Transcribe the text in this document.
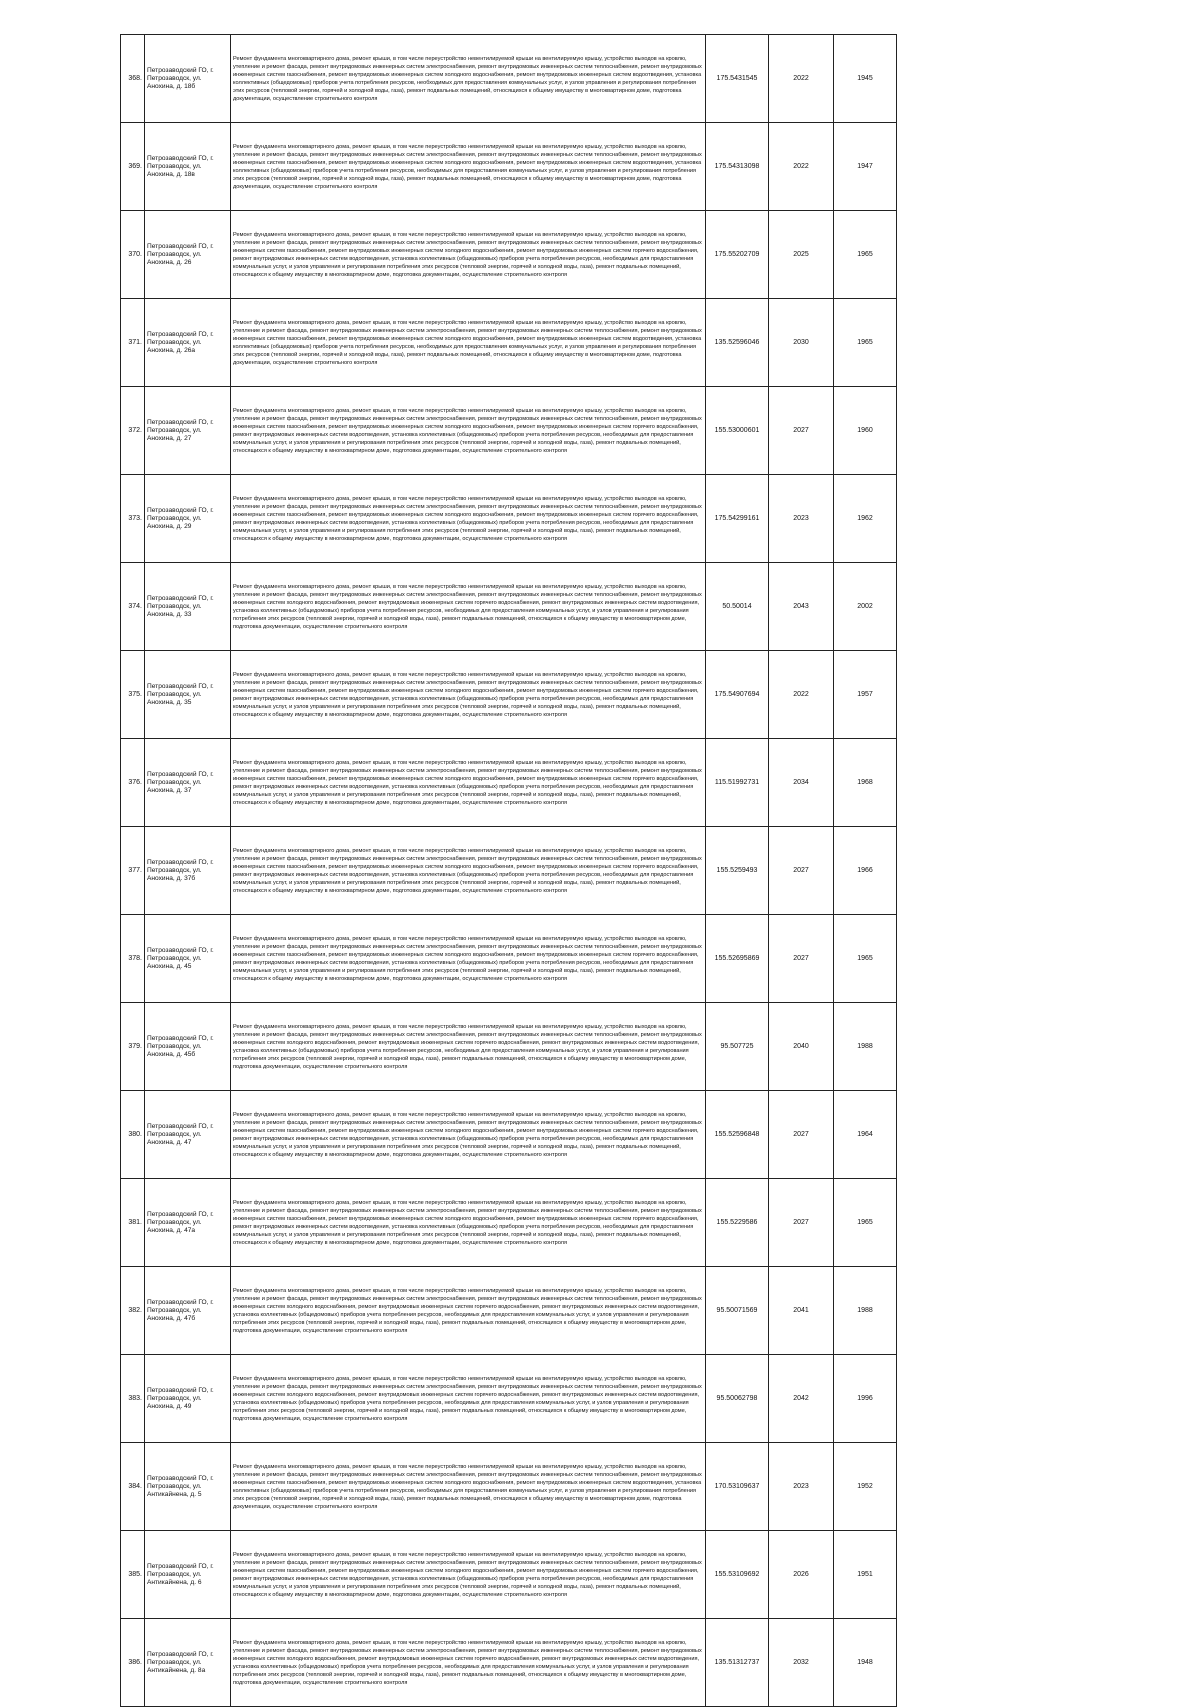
368.	Петрозаводский ГО, г. Петрозаводск, ул. Анохина, д. 18б	Ремонт фундамента многоквартирного дома, ремонт крыши, в том числе переустройство невентилируемой крыши на вентилируемую крышу, устройство выходов на кровлю, утепление и ремонт фасада, ремонт внутридомовых инженерных систем электроснабжения, ремонт внутридомовых инженерных систем теплоснабжения, ремонт внутридомовых инженерных систем газоснабжения, ремонт внутридомовых инженерных систем холодного водоснабжения, ремонт внутридомовых инженерных систем водоотведения, установка коллективных (общедомовых) приборов учета потребления ресурсов, необходимых для предоставления коммунальных услуг, и узлов управления и регулирования потребления этих ресурсов (тепловой энергии, горячей и холодной воды, газа), ремонт подвальных помещений, относящихся к общему имуществу в многоквартирном доме, подготовка документации, осуществление строительного контроля	175.5431545	2022	1945
369.	Петрозаводский ГО, г. Петрозаводск, ул. Анохина, д. 18в	Ремонт фундамента многоквартирного дома, ремонт крыши, в том числе переустройство невентилируемой крыши на вентилируемую крышу, устройство выходов на кровлю, утепление и ремонт фасада, ремонт внутридомовых инженерных систем электроснабжения, ремонт внутридомовых инженерных систем теплоснабжения, ремонт внутридомовых инженерных систем газоснабжения, ремонт внутридомовых инженерных систем холодного водоснабжения, ремонт внутридомовых инженерных систем водоотведения, установка коллективных (общедомовых) приборов учета потребления ресурсов, необходимых для предоставления коммунальных услуг, и узлов управления и регулирования потребления этих ресурсов (тепловой энергии, горячей и холодной воды, газа), ремонт подвальных помещений, относящихся к общему имуществу в многоквартирном доме, подготовка документации, осуществление строительного контроля	175.54313098	2022	1947
370.	Петрозаводский ГО, г. Петрозаводск, ул. Анохина, д. 26	Ремонт фундамента многоквартирного дома, ремонт крыши, в том числе переустройство невентилируемой крыши на вентилируемую крышу, устройство выходов на кровлю, утепление и ремонт фасада, ремонт внутридомовых инженерных систем электроснабжения, ремонт внутридомовых инженерных систем теплоснабжения, ремонт внутридомовых инженерных систем газоснабжения, ремонт внутридомовых инженерных систем холодного водоснабжения, ремонт внутридомовых инженерных систем горячего водоснабжения, ремонт внутридомовых инженерных систем водоотведения, установка коллективных (общедомовых) приборов учета потребления ресурсов, необходимых для предоставления коммунальных услуг, и узлов управления и регулирования потребления этих ресурсов (тепловой энергии, горячей и холодной воды, газа), ремонт подвальных помещений, относящихся к общему имуществу в многоквартирном доме, подготовка документации, осуществление строительного контроля	175.55202709	2025	1965
371.	Петрозаводский ГО, г. Петрозаводск, ул. Анохина, д. 26а	Ремонт фундамента многоквартирного дома, ремонт крыши, в том числе переустройство невентилируемой крыши на вентилируемую крышу, устройство выходов на кровлю, утепление и ремонт фасада, ремонт внутридомовых инженерных систем электроснабжения, ремонт внутридомовых инженерных систем теплоснабжения, ремонт внутридомовых инженерных систем газоснабжения, ремонт внутридомовых инженерных систем холодного водоснабжения, ремонт внутридомовых инженерных систем водоотведения, установка коллективных (общедомовых) приборов учета потребления ресурсов, необходимых для предоставления коммунальных услуг, и узлов управления и регулирования потребления этих ресурсов (тепловой энергии, горячей и холодной воды, газа), ремонт подвальных помещений, относящихся к общему имуществу в многоквартирном доме, подготовка документации, осуществление строительного контроля	135.52596046	2030	1965
372.	Петрозаводский ГО, г. Петрозаводск, ул. Анохина, д. 27	Ремонт фундамента многоквартирного дома, ремонт крыши, в том числе переустройство невентилируемой крыши на вентилируемую крышу, устройство выходов на кровлю, утепление и ремонт фасада, ремонт внутридомовых инженерных систем электроснабжения, ремонт внутридомовых инженерных систем теплоснабжения, ремонт внутридомовых инженерных систем газоснабжения, ремонт внутридомовых инженерных систем холодного водоснабжения, ремонт внутридомовых инженерных систем горячего водоснабжения, ремонт внутридомовых инженерных систем водоотведения, установка коллективных (общедомовых) приборов учета потребления ресурсов, необходимых для предоставления коммунальных услуг, и узлов управления и регулирования потребления этих ресурсов (тепловой энергии, горячей и холодной воды, газа), ремонт подвальных помещений, относящихся к общему имуществу в многоквартирном доме, подготовка документации, осуществление строительного контроля	155.53000601	2027	1960
373.	Петрозаводский ГО, г. Петрозаводск, ул. Анохина, д. 29	Ремонт фундамента многоквартирного дома, ремонт крыши, в том числе переустройство невентилируемой крыши на вентилируемую крышу, устройство выходов на кровлю, утепление и ремонт фасада, ремонт внутридомовых инженерных систем электроснабжения, ремонт внутридомовых инженерных систем теплоснабжения, ремонт внутридомовых инженерных систем газоснабжения, ремонт внутридомовых инженерных систем холодного водоснабжения, ремонт внутридомовых инженерных систем горячего водоснабжения, ремонт внутридомовых инженерных систем водоотведения, установка коллективных (общедомовых) приборов учета потребления ресурсов, необходимых для предоставления коммунальных услуг, и узлов управления и регулирования потребления этих ресурсов (тепловой энергии, горячей и холодной воды, газа), ремонт подвальных помещений, относящихся к общему имуществу в многоквартирном доме, подготовка документации, осуществление строительного контроля	175.54299161	2023	1962
374.	Петрозаводский ГО, г. Петрозаводск, ул. Анохина, д. 33	Ремонт фундамента многоквартирного дома, ремонт крыши, в том числе переустройство невентилируемой крыши на вентилируемую крышу, устройство выходов на кровлю, утепление и ремонт фасада, ремонт внутридомовых инженерных систем электроснабжения, ремонт внутридомовых инженерных систем теплоснабжения, ремонт внутридомовых инженерных систем холодного водоснабжения, ремонт внутридомовых инженерных систем горячего водоснабжения, ремонт внутридомовых инженерных систем водоотведения, установка коллективных (общедомовых) приборов учета потребления ресурсов, необходимых для предоставления коммунальных услуг, и узлов управления и регулирования потребления этих ресурсов (тепловой энергии, горячей и холодной воды, газа), ремонт подвальных помещений, относящихся к общему имуществу в многоквартирном доме, подготовка документации, осуществление строительного контроля	50.50014	2043	2002
375.	Петрозаводский ГО, г. Петрозаводск, ул. Анохина, д. 35	Ремонт фундамента многоквартирного дома, ремонт крыши, в том числе переустройство невентилируемой крыши на вентилируемую крышу, устройство выходов на кровлю, утепление и ремонт фасада, ремонт внутридомовых инженерных систем электроснабжения, ремонт внутридомовых инженерных систем теплоснабжения, ремонт внутридомовых инженерных систем газоснабжения, ремонт внутридомовых инженерных систем холодного водоснабжения, ремонт внутридомовых инженерных систем горячего водоснабжения, ремонт внутридомовых инженерных систем водоотведения, установка коллективных (общедомовых) приборов учета потребления ресурсов, необходимых для предоставления коммунальных услуг, и узлов управления и регулирования потребления этих ресурсов (тепловой энергии, горячей и холодной воды, газа), ремонт подвальных помещений, относящихся к общему имуществу в многоквартирном доме, подготовка документации, осуществление строительного контроля	175.54907694	2022	1957
376.	Петрозаводский ГО, г. Петрозаводск, ул. Анохина, д. 37	Ремонт фундамента многоквартирного дома, ремонт крыши, в том числе переустройство невентилируемой крыши на вентилируемую крышу, устройство выходов на кровлю, утепление и ремонт фасада, ремонт внутридомовых инженерных систем электроснабжения, ремонт внутридомовых инженерных систем теплоснабжения, ремонт внутридомовых инженерных систем газоснабжения, ремонт внутридомовых инженерных систем холодного водоснабжения, ремонт внутридомовых инженерных систем горячего водоснабжения, ремонт внутридомовых инженерных систем водоотведения, установка коллективных (общедомовых) приборов учета потребления ресурсов, необходимых для предоставления коммунальных услуг, и узлов управления и регулирования потребления этих ресурсов (тепловой энергии, горячей и холодной воды, газа), ремонт подвальных помещений, относящихся к общему имуществу в многоквартирном доме, подготовка документации, осуществление строительного контроля	115.51992731	2034	1968
377.	Петрозаводский ГО, г. Петрозаводск, ул. Анохина, д. 37б	Ремонт фундамента многоквартирного дома, ремонт крыши, в том числе переустройство невентилируемой крыши на вентилируемую крышу, устройство выходов на кровлю, утепление и ремонт фасада, ремонт внутридомовых инженерных систем электроснабжения, ремонт внутридомовых инженерных систем теплоснабжения, ремонт внутридомовых инженерных систем газоснабжения, ремонт внутридомовых инженерных систем холодного водоснабжения, ремонт внутридомовых инженерных систем горячего водоснабжения, ремонт внутридомовых инженерных систем водоотведения, установка коллективных (общедомовых) приборов учета потребления ресурсов, необходимых для предоставления коммунальных услуг, и узлов управления и регулирования потребления этих ресурсов (тепловой энергии, горячей и холодной воды, газа), ремонт подвальных помещений, относящихся к общему имуществу в многоквартирном доме, подготовка документации, осуществление строительного контроля	155.5259493	2027	1966
378.	Петрозаводский ГО, г. Петрозаводск, ул. Анохина, д. 45	Ремонт фундамента многоквартирного дома, ремонт крыши, в том числе переустройство невентилируемой крыши на вентилируемую крышу, устройство выходов на кровлю, утепление и ремонт фасада, ремонт внутридомовых инженерных систем электроснабжения, ремонт внутридомовых инженерных систем теплоснабжения, ремонт внутридомовых инженерных систем газоснабжения, ремонт внутридомовых инженерных систем холодного водоснабжения, ремонт внутридомовых инженерных систем горячего водоснабжения, ремонт внутридомовых инженерных систем водоотведения, установка коллективных (общедомовых) приборов учета потребления ресурсов, необходимых для предоставления коммунальных услуг, и узлов управления и регулирования потребления этих ресурсов (тепловой энергии, горячей и холодной воды, газа), ремонт подвальных помещений, относящихся к общему имуществу в многоквартирном доме, подготовка документации, осуществление строительного контроля	155.52695869	2027	1965
379.	Петрозаводский ГО, г. Петрозаводск, ул. Анохина, д. 45б	Ремонт фундамента многоквартирного дома, ремонт крыши, в том числе переустройство невентилируемой крыши на вентилируемую крышу, устройство выходов на кровлю, утепление и ремонт фасада, ремонт внутридомовых инженерных систем электроснабжения, ремонт внутридомовых инженерных систем теплоснабжения, ремонт внутридомовых инженерных систем холодного водоснабжения, ремонт внутридомовых инженерных систем горячего водоснабжения, ремонт внутридомовых инженерных систем водоотведения, установка коллективных (общедомовых) приборов учета потребления ресурсов, необходимых для предоставления коммунальных услуг, и узлов управления и регулирования потребления этих ресурсов (тепловой энергии, горячей и холодной воды, газа), ремонт подвальных помещений, относящихся к общему имуществу в многоквартирном доме, подготовка документации, осуществление строительного контроля	95.507725	2040	1988
380.	Петрозаводский ГО, г. Петрозаводск, ул. Анохина, д. 47	Ремонт фундамента многоквартирного дома, ремонт крыши, в том числе переустройство невентилируемой крыши на вентилируемую крышу, устройство выходов на кровлю, утепление и ремонт фасада, ремонт внутридомовых инженерных систем электроснабжения, ремонт внутридомовых инженерных систем теплоснабжения, ремонт внутридомовых инженерных систем газоснабжения, ремонт внутридомовых инженерных систем холодного водоснабжения, ремонт внутридомовых инженерных систем горячего водоснабжения, ремонт внутридомовых инженерных систем водоотведения, установка коллективных (общедомовых) приборов учета потребления ресурсов, необходимых для предоставления коммунальных услуг, и узлов управления и регулирования потребления этих ресурсов (тепловой энергии, горячей и холодной воды, газа), ремонт подвальных помещений, относящихся к общему имуществу в многоквартирном доме, подготовка документации, осуществление строительного контроля	155.52596848	2027	1964
381.	Петрозаводский ГО, г. Петрозаводск, ул. Анохина, д. 47а	Ремонт фундамента многоквартирного дома, ремонт крыши, в том числе переустройство невентилируемой крыши на вентилируемую крышу, устройство выходов на кровлю, утепление и ремонт фасада, ремонт внутридомовых инженерных систем электроснабжения, ремонт внутридомовых инженерных систем теплоснабжения, ремонт внутридомовых инженерных систем газоснабжения, ремонт внутридомовых инженерных систем холодного водоснабжения, ремонт внутридомовых инженерных систем горячего водоснабжения, ремонт внутридомовых инженерных систем водоотведения, установка коллективных (общедомовых) приборов учета потребления ресурсов, необходимых для предоставления коммунальных услуг, и узлов управления и регулирования потребления этих ресурсов (тепловой энергии, горячей и холодной воды, газа), ремонт подвальных помещений, относящихся к общему имуществу в многоквартирном доме, подготовка документации, осуществление строительного контроля	155.5229586	2027	1965
382.	Петрозаводский ГО, г. Петрозаводск, ул. Анохина, д. 47б	Ремонт фундамента многоквартирного дома, ремонт крыши, в том числе переустройство невентилируемой крыши на вентилируемую крышу, устройство выходов на кровлю, утепление и ремонт фасада, ремонт внутридомовых инженерных систем электроснабжения, ремонт внутридомовых инженерных систем теплоснабжения, ремонт внутридомовых инженерных систем холодного водоснабжения, ремонт внутридомовых инженерных систем горячего водоснабжения, ремонт внутридомовых инженерных систем водоотведения, установка коллективных (общедомовых) приборов учета потребления ресурсов, необходимых для предоставления коммунальных услуг, и узлов управления и регулирования потребления этих ресурсов (тепловой энергии, горячей и холодной воды, газа), ремонт подвальных помещений, относящихся к общему имуществу в многоквартирном доме, подготовка документации, осуществление строительного контроля	95.50071569	2041	1988
383.	Петрозаводский ГО, г. Петрозаводск, ул. Анохина, д. 49	Ремонт фундамента многоквартирного дома, ремонт крыши, в том числе переустройство невентилируемой крыши на вентилируемую крышу, устройство выходов на кровлю, утепление и ремонт фасада, ремонт внутридомовых инженерных систем электроснабжения, ремонт внутридомовых инженерных систем теплоснабжения, ремонт внутридомовых инженерных систем холодного водоснабжения, ремонт внутридомовых инженерных систем горячего водоснабжения, ремонт внутридомовых инженерных систем водоотведения, установка коллективных (общедомовых) приборов учета потребления ресурсов, необходимых для предоставления коммунальных услуг, и узлов управления и регулирования потребления этих ресурсов (тепловой энергии, горячей и холодной воды, газа), ремонт подвальных помещений, относящихся к общему имуществу в многоквартирном доме, подготовка документации, осуществление строительного контроля	95.50062798	2042	1996
384.	Петрозаводский ГО, г. Петрозаводск, ул. Антикайнена, д. 5	Ремонт фундамента многоквартирного дома, ремонт крыши, в том числе переустройство невентилируемой крыши на вентилируемую крышу, устройство выходов на кровлю, утепление и ремонт фасада, ремонт внутридомовых инженерных систем электроснабжения, ремонт внутридомовых инженерных систем теплоснабжения, ремонт внутридомовых инженерных систем газоснабжения, ремонт внутридомовых инженерных систем холодного водоснабжения, ремонт внутридомовых инженерных систем водоотведения, установка коллективных (общедомовых) приборов учета потребления ресурсов, необходимых для предоставления коммунальных услуг, и узлов управления и регулирования потребления этих ресурсов (тепловой энергии, горячей и холодной воды, газа), ремонт подвальных помещений, относящихся к общему имуществу в многоквартирном доме, подготовка документации, осуществление строительного контроля	170.53109637	2023	1952
385.	Петрозаводский ГО, г. Петрозаводск, ул. Антикайнена, д. 6	Ремонт фундамента многоквартирного дома, ремонт крыши, в том числе переустройство невентилируемой крыши на вентилируемую крышу, устройство выходов на кровлю, утепление и ремонт фасада, ремонт внутридомовых инженерных систем электроснабжения, ремонт внутридомовых инженерных систем теплоснабжения, ремонт внутридомовых инженерных систем газоснабжения, ремонт внутридомовых инженерных систем холодного водоснабжения, ремонт внутридомовых инженерных систем горячего водоснабжения, ремонт внутридомовых инженерных систем водоотведения, установка коллективных (общедомовых) приборов учета потребления ресурсов, необходимых для предоставления коммунальных услуг, и узлов управления и регулирования потребления этих ресурсов (тепловой энергии, горячей и холодной воды, газа), ремонт подвальных помещений, относящихся к общему имуществу в многоквартирном доме, подготовка документации, осуществление строительного контроля	155.53109692	2026	1951
386.	Петрозаводский ГО, г. Петрозаводск, ул. Антикайнена, д. 8а	Ремонт фундамента многоквартирного дома, ремонт крыши, в том числе переустройство невентилируемой крыши на вентилируемую крышу, устройство выходов на кровлю, утепление и ремонт фасада, ремонт внутридомовых инженерных систем электроснабжения, ремонт внутридомовых инженерных систем теплоснабжения, ремонт внутридомовых инженерных систем холодного водоснабжения, ремонт внутридомовых инженерных систем горячего водоснабжения, ремонт внутридомовых инженерных систем водоотведения, установка коллективных (общедомовых) приборов учета потребления ресурсов, необходимых для предоставления коммунальных услуг, и узлов управления и регулирования потребления этих ресурсов (тепловой энергии, горячей и холодной воды, газа), ремонт подвальных помещений, относящихся к общему имуществу в многоквартирном доме, подготовка документации, осуществление строительного контроля	135.51312737	2032	1948
